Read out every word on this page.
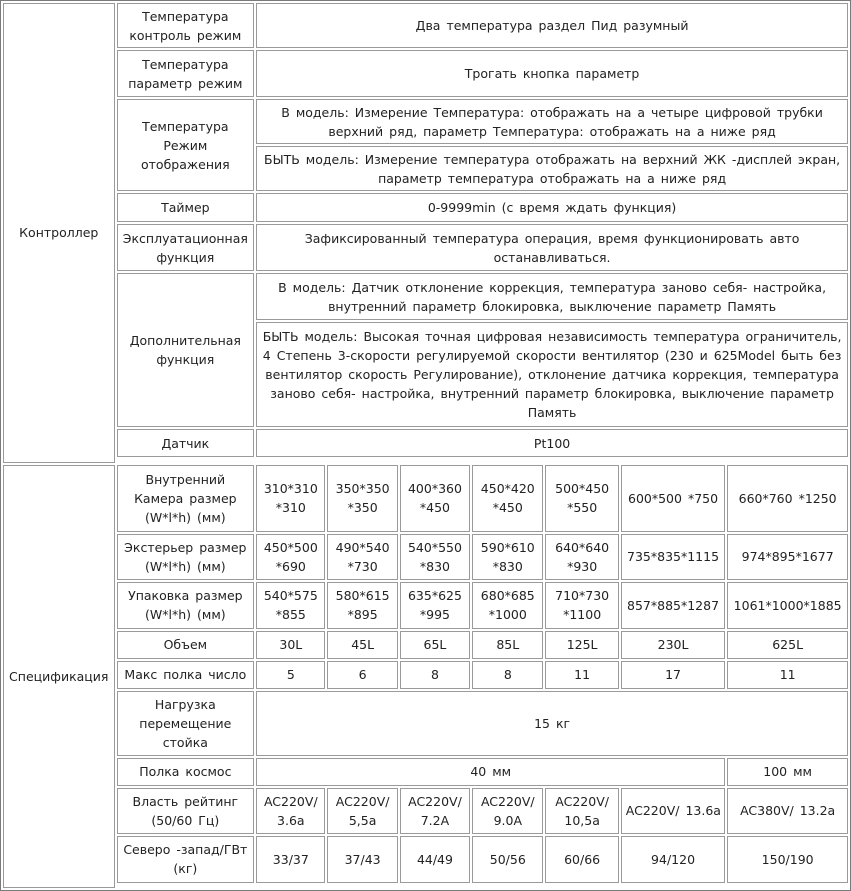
Контроллер	Температура контроль режим	Два температура раздел Пид разумный						
	Температура параметр режим	Трогать кнопка параметр						
	Температура Режим отображения	В модель: Измерение Температура: отображать на а четыре цифровой трубки верхний ряд, параметр Температура: отображать на а ниже ряд						
		БЫТЬ модель: Измерение температура отображать на верхний ЖК -дисплей экран, параметр температура отображать на а ниже ряд						
	Таймер	0-9999min (с время ждать функция)						
	Эксплуатационная функция	Зафиксированный температура операция, время функционировать авто останавливаться.						
	Дополнительная функция	В модель: Датчик отклонение коррекция, температура заново себя- настройка, внутренний параметр блокировка, выключение параметр Память						
		БЫТЬ модель: Высокая точная цифровая независимость температура ограничитель, 4 Степень 3-скорости регулируемой скорости вентилятор (230 и 625Model быть без вентилятор скорость Регулирование), отклонение датчика коррекция, температура заново себя- настройка, внутренний параметр блокировка, выключение параметр Память						
	Датчик	Pt100						

Спецификация	Внутренний Камера размер (W*l*h) (мм)	310*310 *310	350*350 *350	400*360 *450	450*420 *450	500*450 *550	600*500 *750	660*760 *1250
	Экстерьер размер (W*l*h) (мм)	450*500 *690	490*540 *730	540*550 *830	590*610 *830	640*640 *930	735*835*1115	974*895*1677
	Упаковка размер (W*l*h) (мм)	540*575 *855	580*615 *895	635*625 *995	680*685 *1000	710*730 *1100	857*885*1287	1061*1000*1885
	Объем	30L	45L	65L	85L	125L	230L	625L
	Макс полка число	5	6	8	8	11	17	11
	Нагрузка перемещение стойка	15 кг						
	Полка космос	40 мм						100 мм
	Власть рейтинг (50/60 Гц)	AC220V/ 3.6a	AC220V/ 5,5a	AC220V/ 7.2A	AC220V/ 9.0A	AC220V/ 10,5a	AC220V/ 13.6a	AC380V/ 13.2a
	Северо -запад/ГВт (кг)	33/37	37/43	44/49	50/56	60/66	94/120	150/190
